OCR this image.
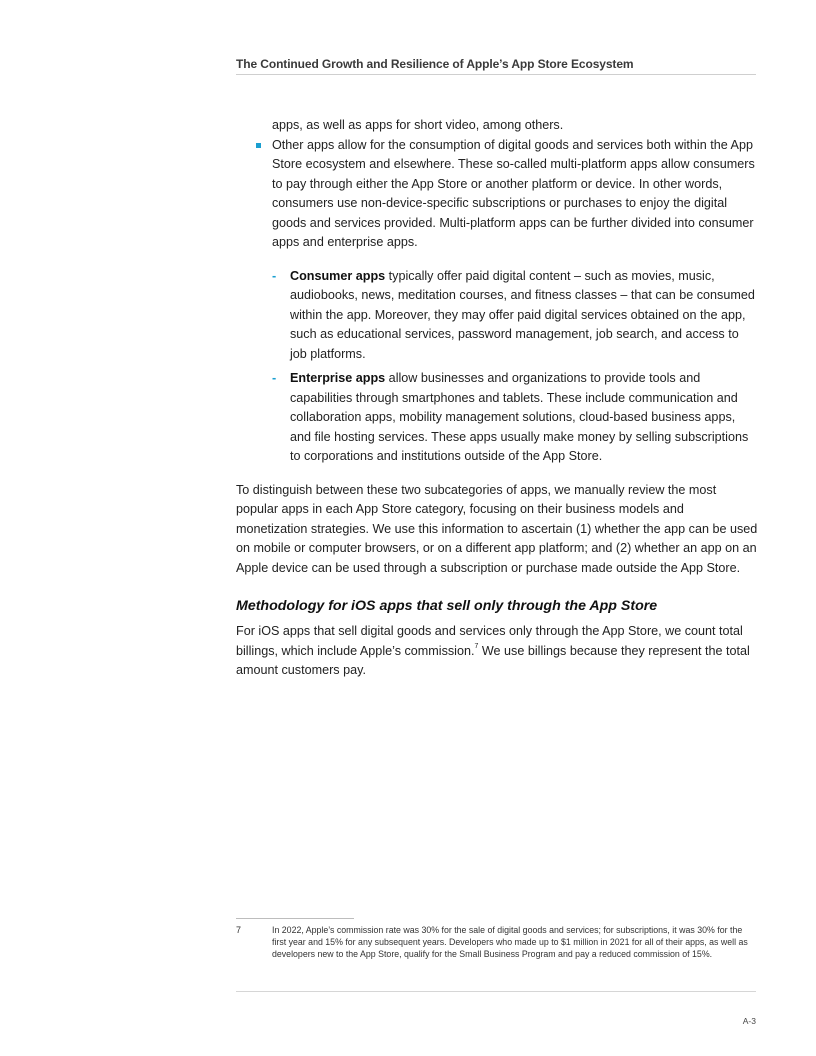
The Continued Growth and Resilience of Apple’s App Store Ecosystem
apps, as well as apps for short video, among others.
Other apps allow for the consumption of digital goods and services both within the App Store ecosystem and elsewhere. These so-called multi-platform apps allow consumers to pay through either the App Store or another platform or device. In other words, consumers use non-device-specific subscriptions or purchases to enjoy the digital goods and services provided. Multi-platform apps can be further divided into consumer apps and enterprise apps.
- Consumer apps typically offer paid digital content – such as movies, music, audiobooks, news, meditation courses, and fitness classes – that can be consumed within the app. Moreover, they may offer paid digital services obtained on the app, such as educational services, password management, job search, and access to job platforms.
- Enterprise apps allow businesses and organizations to provide tools and capabilities through smartphones and tablets. These include communication and collaboration apps, mobility management solutions, cloud-based business apps, and file hosting services. These apps usually make money by selling subscriptions to corporations and institutions outside of the App Store.
To distinguish between these two subcategories of apps, we manually review the most popular apps in each App Store category, focusing on their business models and monetization strategies. We use this information to ascertain (1) whether the app can be used on mobile or computer browsers, or on a different app platform; and (2) whether an app on an Apple device can be used through a subscription or purchase made outside the App Store.
Methodology for iOS apps that sell only through the App Store
For iOS apps that sell digital goods and services only through the App Store, we count total billings, which include Apple’s commission.$^7$ We use billings because they represent the total amount customers pay.
7	In 2022, Apple’s commission rate was 30% for the sale of digital goods and services; for subscriptions, it was 30% for the first year and 15% for any subsequent years. Developers who made up to $1 million in 2021 for all of their apps, as well as developers new to the App Store, qualify for the Small Business Program and pay a reduced commission of 15%.
A-3
